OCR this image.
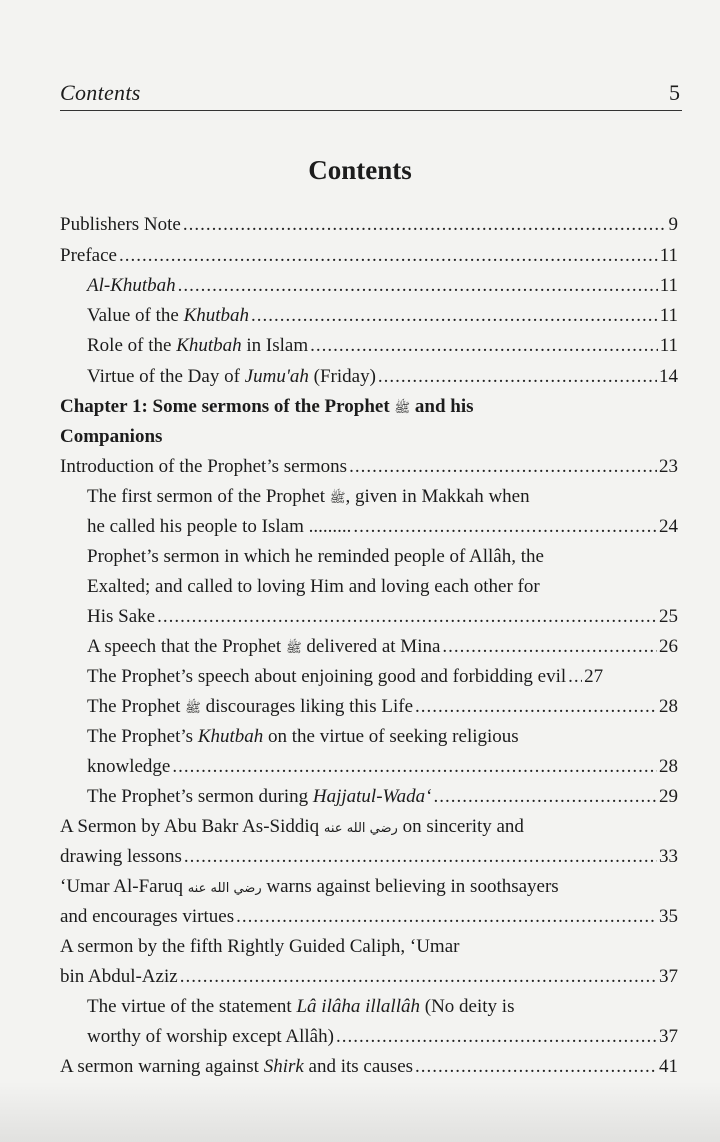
Contents	5
Contents
Publishers Note .....	9
Preface .....	11
Al-Khutbah .....	11
Value of the Khutbah .....	11
Role of the Khutbah in Islam .....	11
Virtue of the Day of Jumu'ah (Friday) .....	14
Chapter 1: Some sermons of the Prophet ﷺ and his
Companions
Introduction of the Prophet’s sermons .....	23
The first sermon of the Prophet ﷺ, given in Makkah when
he called his people to Islam ......... .....	24
Prophet’s sermon in which he reminded people of Allâh, the
Exalted; and called to loving Him and loving each other for
His Sake .....	25
A speech that the Prophet ﷺ delivered at Mina .....	26
The Prophet’s speech about enjoining good and forbidding evil ..... 27
The Prophet ﷺ discourages liking this Life .....	28
The Prophet’s Khutbah on the virtue of seeking religious
knowledge .....	28
The Prophet’s sermon during Hajjatul-Wada‘ .....	29
A Sermon by Abu Bakr As-Siddiq رضي الله عنه on sincerity and
drawing lessons .....	33
‘Umar Al-Faruq رضي الله عنه warns against believing in soothsayers
and encourages virtues .....	35
A sermon by the fifth Rightly Guided Caliph, ‘Umar
bin Abdul-Aziz .....	37
The virtue of the statement Lâ ilâha illallâh (No deity is
worthy of worship except Allâh) .....	37
A sermon warning against Shirk and its causes .....	41
